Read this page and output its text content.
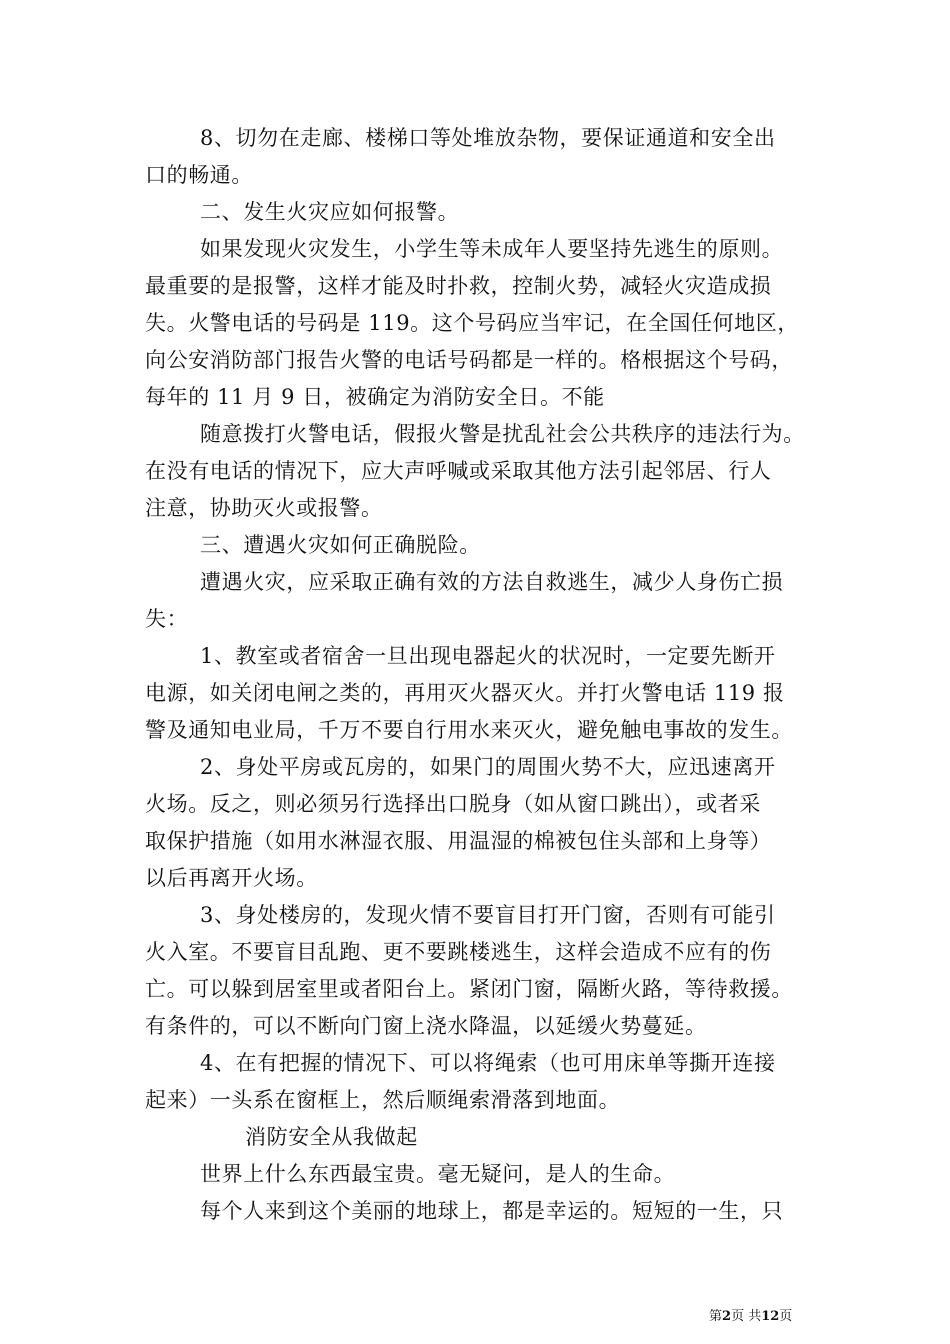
8、切勿在走廊、楼梯口等处堆放杂物，要保证通道和安全出
口的畅通。
二、发生火灾应如何报警。
如果发现火灾发生，小学生等未成年人要坚持先逃生的原则。
最重要的是报警，这样才能及时扑救，控制火势，减轻火灾造成损
失。火警电话的号码是 119。这个号码应当牢记，在全国任何地区，
向公安消防部门报告火警的电话号码都是一样的。格根据这个号码，
每年的 11 月 9 日，被确定为消防安全日。不能
随意拨打火警电话，假报火警是扰乱社会公共秩序的违法行为。
在没有电话的情况下，应大声呼喊或采取其他方法引起邻居、行人
注意，协助灭火或报警。
三、遭遇火灾如何正确脱险。
遭遇火灾，应采取正确有效的方法自救逃生，减少人身伤亡损
失：
1、教室或者宿舍一旦出现电器起火的状况时，一定要先断开
电源，如关闭电闸之类的，再用灭火器灭火。并打火警电话 119 报
警及通知电业局，千万不要自行用水来灭火，避免触电事故的发生。
2、身处平房或瓦房的，如果门的周围火势不大，应迅速离开
火场。反之，则必须另行选择出口脱身（如从窗口跳出），或者采
取保护措施（如用水淋湿衣服、用温湿的棉被包住头部和上身等）
以后再离开火场。
3、身处楼房的，发现火情不要盲目打开门窗，否则有可能引
火入室。不要盲目乱跑、更不要跳楼逃生，这样会造成不应有的伤
亡。可以躲到居室里或者阳台上。紧闭门窗，隔断火路，等待救援。
有条件的，可以不断向门窗上浇水降温，以延缓火势蔓延。
4、在有把握的情况下、可以将绳索（也可用床单等撕开连接
起来）一头系在窗框上，然后顺绳索滑落到地面。
消防安全从我做起
世界上什么东西最宝贵。毫无疑问，是人的生命。
每个人来到这个美丽的地球上，都是幸运的。短短的一生，只
第2页 共12页
